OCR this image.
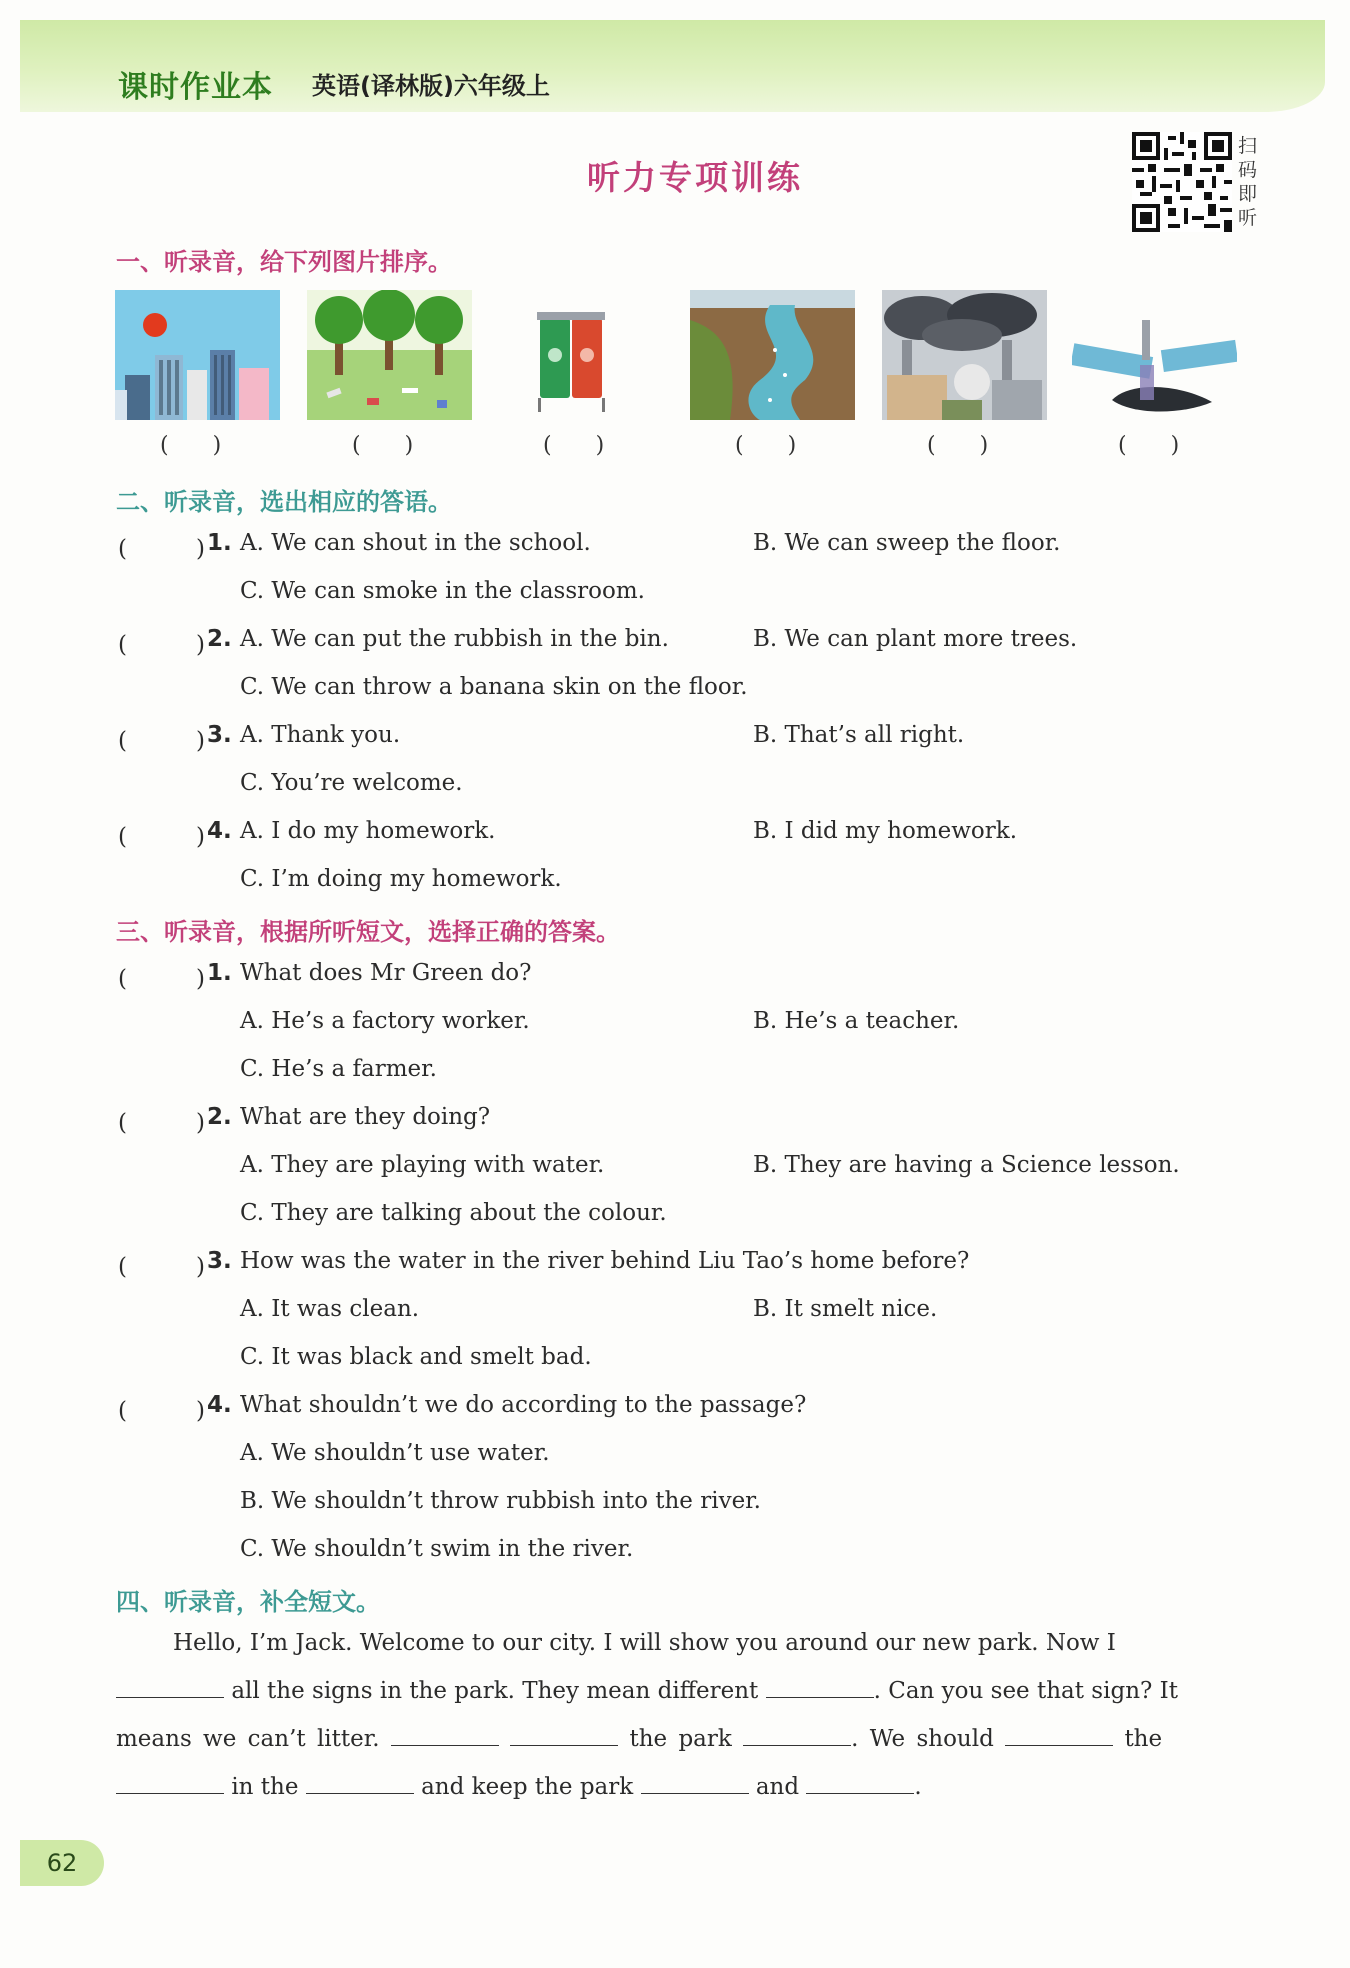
课时作业本 英语(译林版)六年级上
听力专项训练
扫
码
即
听
一、听录音，给下列图片排序。
(　　)	(　　)	(　　)	(　　)	(　　)	(　　)
二、听录音，选出相应的答语。
(　　　) 1. A. We can shout in the school.	B. We can sweep the floor.
C. We can smoke in the classroom.
(　　　) 2. A. We can put the rubbish in the bin.	B. We can plant more trees.
C. We can throw a banana skin on the floor.
(　　　) 3. A. Thank you.	B. That’s all right.
C. You’re welcome.
(　　　) 4. A. I do my homework.	B. I did my homework.
C. I’m doing my homework.
三、听录音，根据所听短文，选择正确的答案。
(　　　) 1. What does Mr Green do?
A. He’s a factory worker.	B. He’s a teacher.
C. He’s a farmer.
(　　　) 2. What are they doing?
A. They are playing with water.	B. They are having a Science lesson.
C. They are talking about the colour.
(　　　) 3. How was the water in the river behind Liu Tao’s home before?
A. It was clean.	B. It smelt nice.
C. It was black and smelt bad.
(　　　) 4. What shouldn’t we do according to the passage?
A. We shouldn’t use water.
B. We shouldn’t throw rubbish into the river.
C. We shouldn’t swim in the river.
四、听录音，补全短文。
Hello, I’m Jack. Welcome to our city. I will show you around our new park. Now I
all the signs in the park. They mean different	. Can you see that sign? It
means we can’t litter.	the park	. We should	the
in the	and keep the park	and	.
62
